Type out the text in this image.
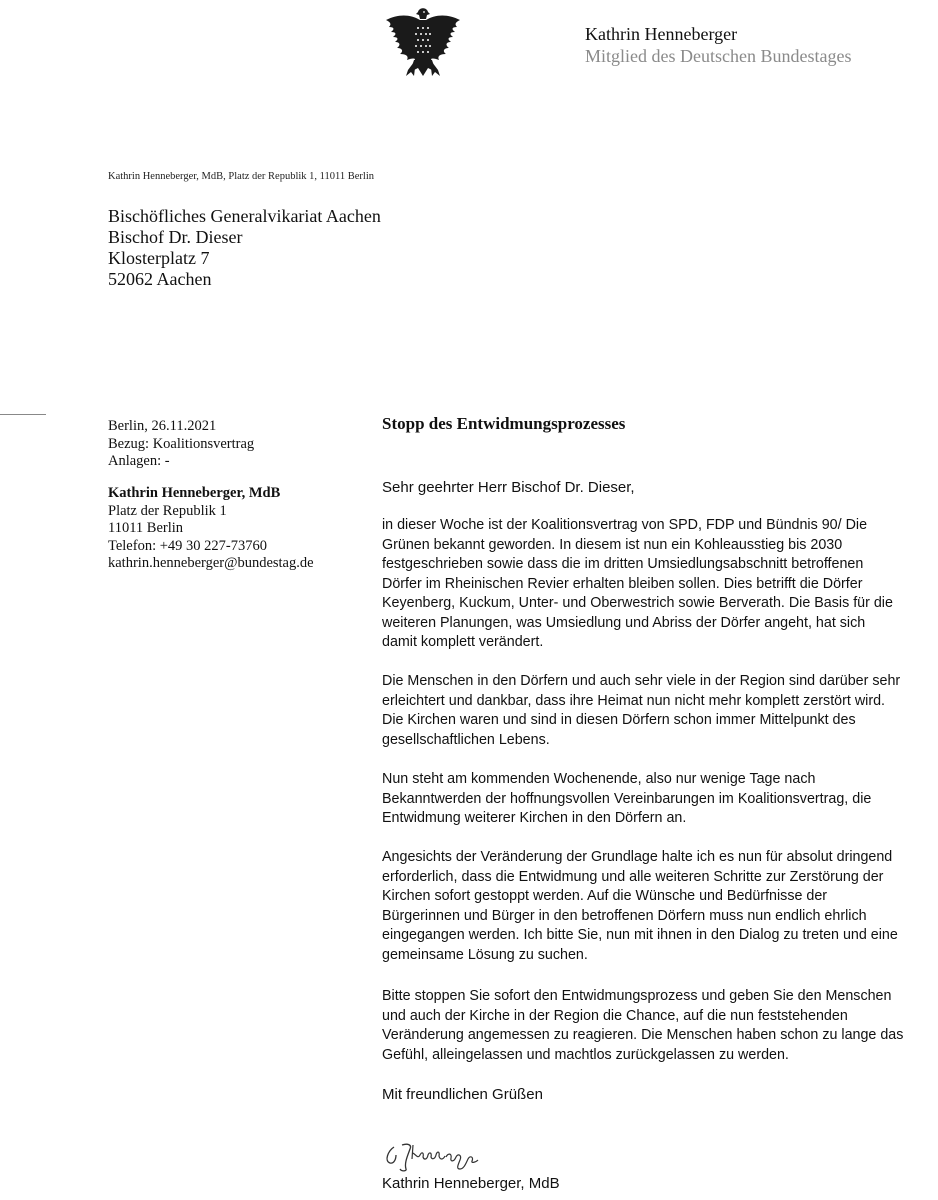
Kathrin Henneberger
Mitglied des Deutschen Bundestages
Kathrin Henneberger, MdB, Platz der Republik 1, 11011 Berlin
Bischöfliches Generalvikariat Aachen
Bischof Dr. Dieser
Klosterplatz 7
52062 Aachen
Berlin, 26.11.2021
Bezug: Koalitionsvertrag
Anlagen: -
Kathrin Henneberger, MdB
Platz der Republik 1
11011 Berlin
Telefon: +49 30 227-73760
kathrin.henneberger@bundestag.de
Stopp des Entwidmungsprozesses
Sehr geehrter Herr Bischof Dr. Dieser,
in dieser Woche ist der Koalitionsvertrag von SPD, FDP und Bündnis 90/ Die
Grünen bekannt geworden. In diesem ist nun ein Kohleausstieg bis 2030
festgeschrieben sowie dass die im dritten Umsiedlungsabschnitt betroffenen
Dörfer im Rheinischen Revier erhalten bleiben sollen. Dies betrifft die Dörfer
Keyenberg, Kuckum, Unter- und Oberwestrich sowie Berverath. Die Basis für die
weiteren Planungen, was Umsiedlung und Abriss der Dörfer angeht, hat sich
damit komplett verändert.
Die Menschen in den Dörfern und auch sehr viele in der Region sind darüber sehr
erleichtert und dankbar, dass ihre Heimat nun nicht mehr komplett zerstört wird.
Die Kirchen waren und sind in diesen Dörfern schon immer Mittelpunkt des
gesellschaftlichen Lebens.
Nun steht am kommenden Wochenende, also nur wenige Tage nach
Bekanntwerden der hoffnungsvollen Vereinbarungen im Koalitionsvertrag, die
Entwidmung weiterer Kirchen in den Dörfern an.
Angesichts der Veränderung der Grundlage halte ich es nun für absolut dringend
erforderlich, dass die Entwidmung und alle weiteren Schritte zur Zerstörung der
Kirchen sofort gestoppt werden. Auf die Wünsche und Bedürfnisse der
Bürgerinnen und Bürger in den betroffenen Dörfern muss nun endlich ehrlich
eingegangen werden. Ich bitte Sie, nun mit ihnen in den Dialog zu treten und eine
gemeinsame Lösung zu suchen.
Bitte stoppen Sie sofort den Entwidmungsprozess und geben Sie den Menschen
und auch der Kirche in der Region die Chance, auf die nun feststehenden
Veränderung angemessen zu reagieren. Die Menschen haben schon zu lange das
Gefühl, alleingelassen und machtlos zurückgelassen zu werden.
Mit freundlichen Grüßen
Kathrin Henneberger, MdB
